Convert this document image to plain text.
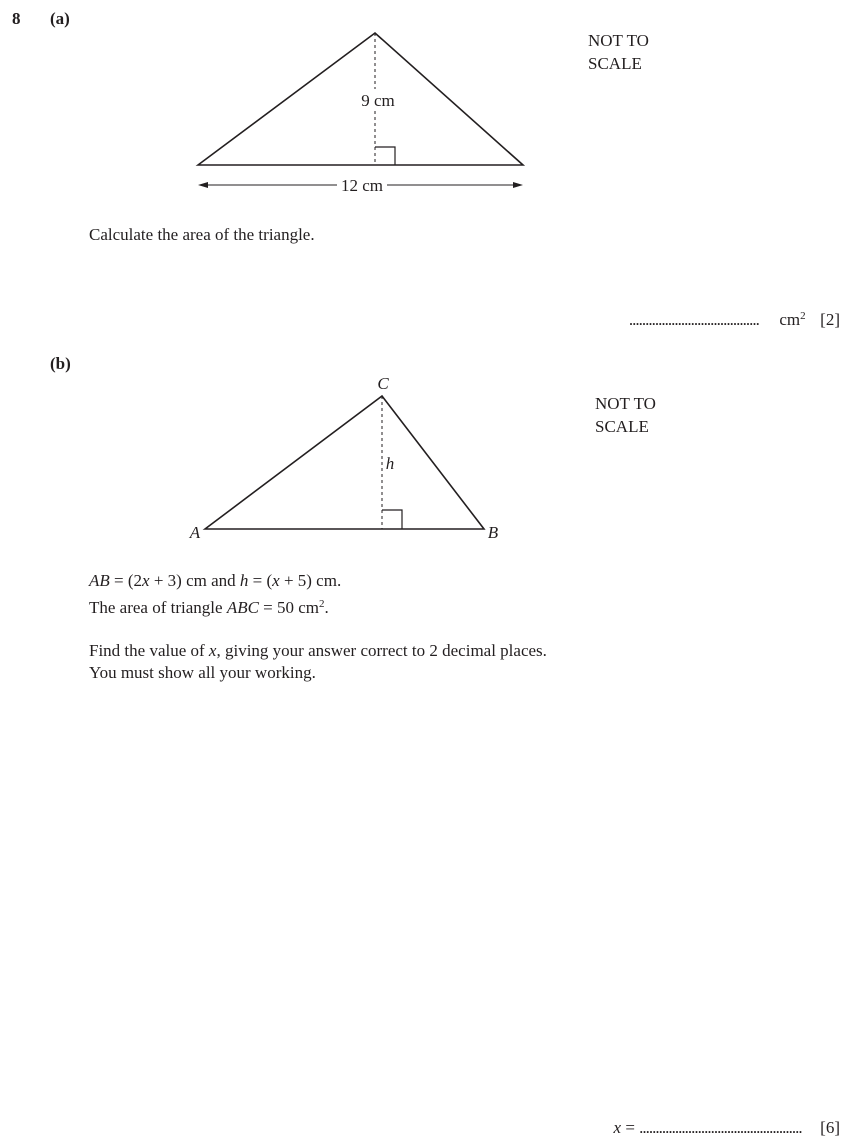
8 (a)
NOT TO
SCALE
9 cm
12 cm
Calculate the area of the triangle.
........................................ $cm^2$ [2]
(b)
NOT TO
SCALE
C
A	B
h
AB = (2x + 3) cm and h = (x + 5) cm.
The area of triangle ABC = 50 $cm^2$.
Find the value of x, giving your answer correct to 2 decimal places.
You must show all your working.
x = .................................................. [6]
